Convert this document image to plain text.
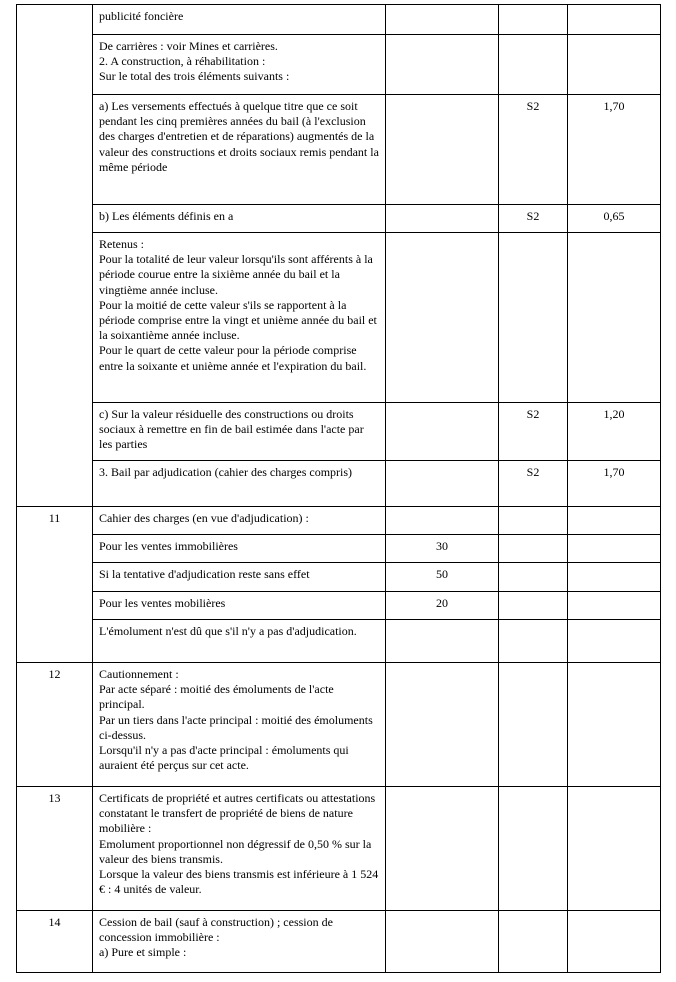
	publicité foncière			
	De carrières : voir Mines et carrières.
2. A construction, à réhabilitation :
Sur le total des trois éléments suivants :			
	a) Les versements effectués à quelque titre que ce soit pendant les cinq premières années du bail (à l'exclusion des charges d'entretien et de réparations) augmentés de la valeur des constructions et droits sociaux remis pendant la même période		S2	1,70
	b) Les éléments définis en a		S2	0,65
	Retenus :
Pour la totalité de leur valeur lorsqu'ils sont afférents à la période courue entre la sixième année du bail et la vingtième année incluse.
Pour la moitié de cette valeur s'ils se rapportent à la période comprise entre la vingt et unième année du bail et la soixantième année incluse.
Pour le quart de cette valeur pour la période comprise entre la soixante et unième année et l'expiration du bail.			
	c) Sur la valeur résiduelle des constructions ou droits sociaux à remettre en fin de bail estimée dans l'acte par les parties		S2	1,20
	3. Bail par adjudication (cahier des charges compris)		S2	1,70
11	Cahier des charges (en vue d'adjudication) :			
	Pour les ventes immobilières	30		
	Si la tentative d'adjudication reste sans effet	50		
	Pour les ventes mobilières	20		
	L'émolument n'est dû que s'il n'y a pas d'adjudication.			
12	Cautionnement :
Par acte séparé : moitié des émoluments de l'acte principal.
Par un tiers dans l'acte principal : moitié des émoluments ci-dessus.
Lorsqu'il n'y a pas d'acte principal : émoluments qui auraient été perçus sur cet acte.			
13	Certificats de propriété et autres certificats ou attestations constatant le transfert de propriété de biens de nature mobilière :
Emolument proportionnel non dégressif de 0,50 % sur la valeur des biens transmis.
Lorsque la valeur des biens transmis est inférieure à 1 524 € : 4 unités de valeur.			
14	Cession de bail (sauf à construction) ; cession de concession immobilière :
a) Pure et simple :			
